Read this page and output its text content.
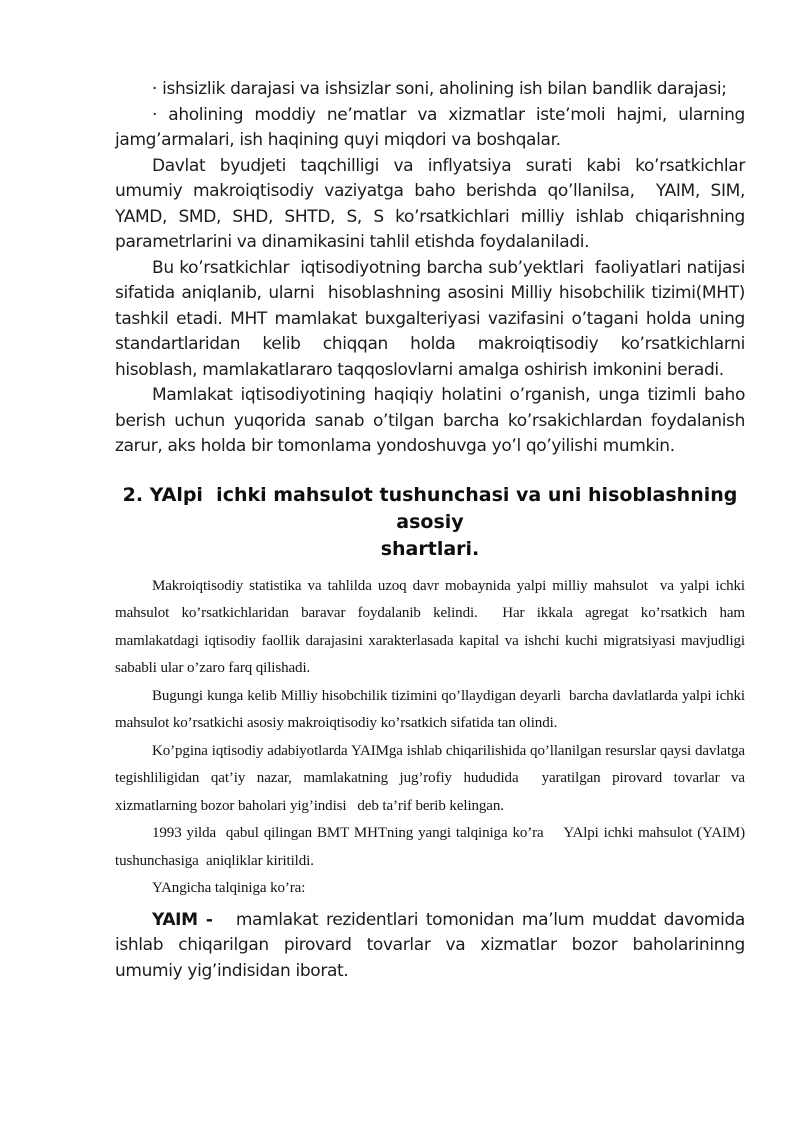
· ishsizlik darajasi va ishsizlar soni, aholining ish bilan bandlik darajasi;

· aholining moddiy ne’matlar va xizmatlar iste’moli hajmi, ularning jamg’armalari, ish haqining quyi miqdori va boshqalar.

Davlat byudjeti taqchilligi va inflyatsiya surati kabi ko’rsatkichlar umumiy makroiqtisodiy vaziyatga baho berishda qo’llanilsa,  YAIM, SIM, YAMD, SMD, SHD, SHTD, S, S ko’rsatkichlari milliy ishlab chiqarishning parametrlarini va dinamikasini tahlil etishda foydalaniladi.

Bu ko’rsatkichlar  iqtisodiyotning barcha sub’yektlari  faoliyatlari natijasi sifatida aniqlanib, ularni  hisoblashning asosini Milliy hisobchilik tizimi(MHT) tashkil etadi. MHT mamlakat buxgalteriyasi vazifasini o’tagani holda uning standartlaridan kelib chiqqan holda makroiqtisodiy ko’rsatkichlarni hisoblash, mamlakatlararo taqqoslovlarni amalga oshirish imkonini beradi.

Mamlakat iqtisodiyotining haqiqiy holatini o’rganish, unga tizimli baho berish uchun yuqorida sanab o’tilgan barcha ko’rsakichlardan foydalanish zarur, aks holda bir tomonlama yondoshuvga yo’l qo’yilishi mumkin.

2. YAlpi  ichki mahsulot tushunchasi va uni hisoblashning asosiy
shartlari.

Makroiqtisodiy statistika va tahlilda uzoq davr mobaynida yalpi milliy mahsulot  va yalpi ichki mahsulot ko’rsatkichlaridan baravar foydalanib kelindi.  Har ikkala agregat ko’rsatkich ham mamlakatdagi iqtisodiy faollik darajasini xarakterlasada kapital va ishchi kuchi migratsiyasi mavjudligi sababli ular o’zaro farq qilishadi.

Bugungi kunga kelib Milliy hisobchilik tizimini qo’llaydigan deyarli  barcha davlatlarda yalpi ichki mahsulot ko’rsatkichi asosiy makroiqtisodiy ko’rsatkich sifatida tan olindi.

Ko’pgina iqtisodiy adabiyotlarda YAIMga ishlab chiqarilishida qo’llanilgan resurslar qaysi davlatga tegishliligidan qat’iy nazar, mamlakatning jug’rofiy hududida  yaratilgan pirovard tovarlar va xizmatlarning bozor baholari yig’indisi   deb ta’rif berib kelingan.

1993 yilda  qabul qilingan BMT MHTning yangi talqiniga ko’ra    YAlpi ichki mahsulot (YAIM) tushunchasiga  aniqliklar kiritildi.

YAngicha talqiniga ko’ra:

YAIM -   mamlakat rezidentlari tomonidan ma’lum muddat davomida ishlab chiqarilgan pirovard tovarlar va xizmatlar bozor baholarininng umumiy yig’indisidan iborat.
